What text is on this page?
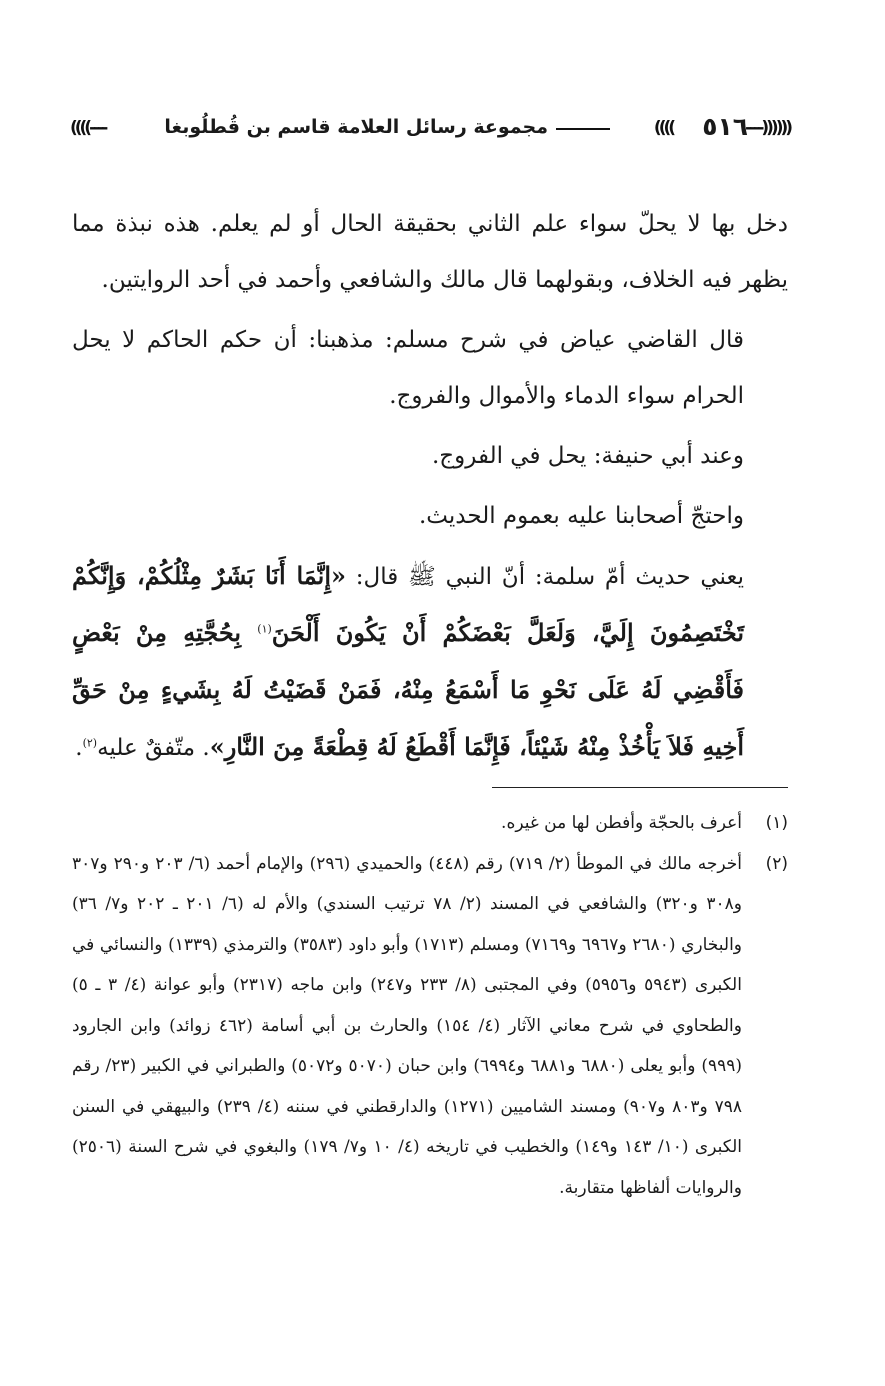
((((((----
٥١٦
))))
مجموعة رسائل العلامة قاسم بن قُطلُوبغا
----))))

دخل بها لا يحلّ سواء علم الثاني بحقيقة الحال أو لم يعلم. هذه نبذة مما يظهر فيه الخلاف، وبقولهما قال مالك والشافعي وأحمد في أحد الروايتين.

قال القاضي عياض في شرح مسلم: مذهبنا: أن حكم الحاكم لا يحل الحرام سواء الدماء والأموال والفروج.

وعند أبي حنيفة: يحل في الفروج.

واحتجّ أصحابنا عليه بعموم الحديث.

يعني حديث أمّ سلمة: أنّ النبي ﷺ قال: «إِنَّمَا أَنَا بَشَرٌ مِثْلُكُمْ، وَإِنَّكُمْ تَخْتَصِمُونَ إِلَيَّ، وَلَعَلَّ بَعْضَكُمْ أَنْ يَكُونَ أَلْحَنَ$^{(١)}$ بِحُجَّتِهِ مِنْ بَعْضٍ فَأَقْضِي لَهُ عَلَى نَحْوِ مَا أَسْمَعُ مِنْهُ، فَمَنْ قَضَيْتُ لَهُ بِشَيءٍ مِنْ حَقِّ أَخِيهِ فَلاَ يَأْخُذْ مِنْهُ شَيْئاً، فَإِنَّمَا أَقْطَعُ لَهُ قِطْعَةً مِنَ النَّارِ». متّفقٌ عليه$^{(٢)}$.

(١)
أعرف بالحجّة وأفطن لها من غيره.

(٢)
أخرجه مالك في الموطأ (٢/ ٧١٩) رقم (٤٤٨) والحميدي (٢٩٦) والإمام أحمد (٦/ ٢٠٣ و٢٩٠ و٣٠٧ و٣٠٨ و٣٢٠) والشافعي في المسند (٢/ ٧٨ ترتيب السندي) والأم له (٦/ ٢٠١ ـ ٢٠٢ و٧/ ٣٦) والبخاري (٢٦٨٠ و٦٩٦٧ و٧١٦٩) ومسلم (١٧١٣) وأبو داود (٣٥٨٣) والترمذي (١٣٣٩) والنسائي في الكبرى (٥٩٤٣ و٥٩٥٦) وفي المجتبى (٨/ ٢٣٣ و٢٤٧) وابن ماجه (٢٣١٧) وأبو عوانة (٤/ ٣ ـ ٥) والطحاوي في شرح معاني الآثار (٤/ ١٥٤) والحارث بن أبي أسامة (٤٦٢ زوائد) وابن الجارود (٩٩٩) وأبو يعلى (٦٨٨٠ و٦٨٨١ و٦٩٩٤) وابن حبان (٥٠٧٠ و٥٠٧٢) والطبراني في الكبير (٢٣/ رقم ٧٩٨ و٨٠٣ و٩٠٧) ومسند الشاميين (١٢٧١) والدارقطني في سننه (٤/ ٢٣٩) والبيهقي في السنن الكبرى (١٠/ ١٤٣ و١٤٩) والخطيب في تاريخه (٤/ ١٠ و٧/ ١٧٩) والبغوي في شرح السنة (٢٥٠٦) والروايات ألفاظها متقاربة.
